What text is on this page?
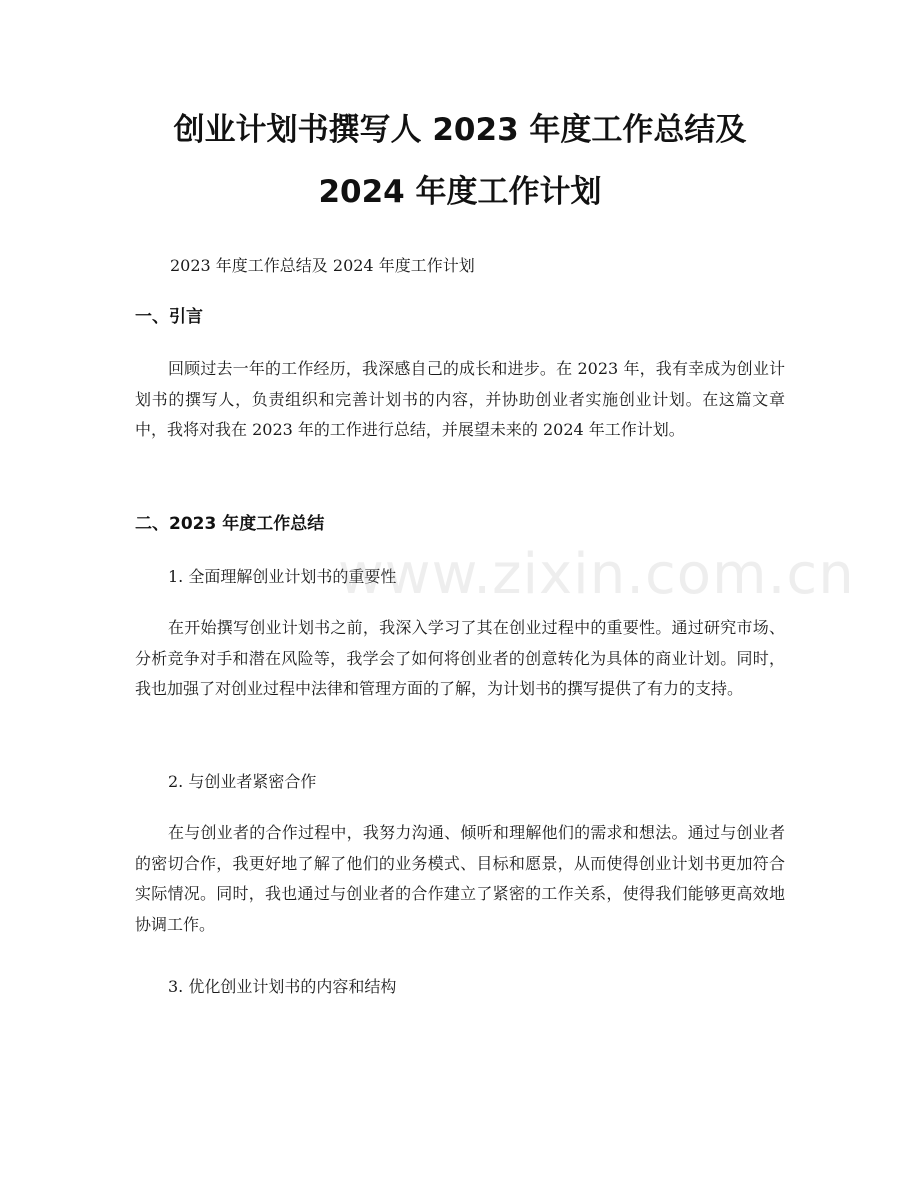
创业计划书撰写人 2023 年度工作总结及
2024 年度工作计划

2023 年度工作总结及 2024 年度工作计划

一、引言

回顾过去一年的工作经历，我深感自己的成长和进步。在 2023 年，我有幸成为创业计划书的撰写人，负责组织和完善计划书的内容，并协助创业者实施创业计划。在这篇文章中，我将对我在 2023 年的工作进行总结，并展望未来的 2024 年工作计划。

二、2023 年度工作总结

1. 全面理解创业计划书的重要性

在开始撰写创业计划书之前，我深入学习了其在创业过程中的重要性。通过研究市场、分析竞争对手和潜在风险等，我学会了如何将创业者的创意转化为具体的商业计划。同时，我也加强了对创业过程中法律和管理方面的了解，为计划书的撰写提供了有力的支持。

2. 与创业者紧密合作

在与创业者的合作过程中，我努力沟通、倾听和理解他们的需求和想法。通过与创业者的密切合作，我更好地了解了他们的业务模式、目标和愿景，从而使得创业计划书更加符合实际情况。同时，我也通过与创业者的合作建立了紧密的工作关系，使得我们能够更高效地协调工作。

3. 优化创业计划书的内容和结构

www.zixin.com.cn
